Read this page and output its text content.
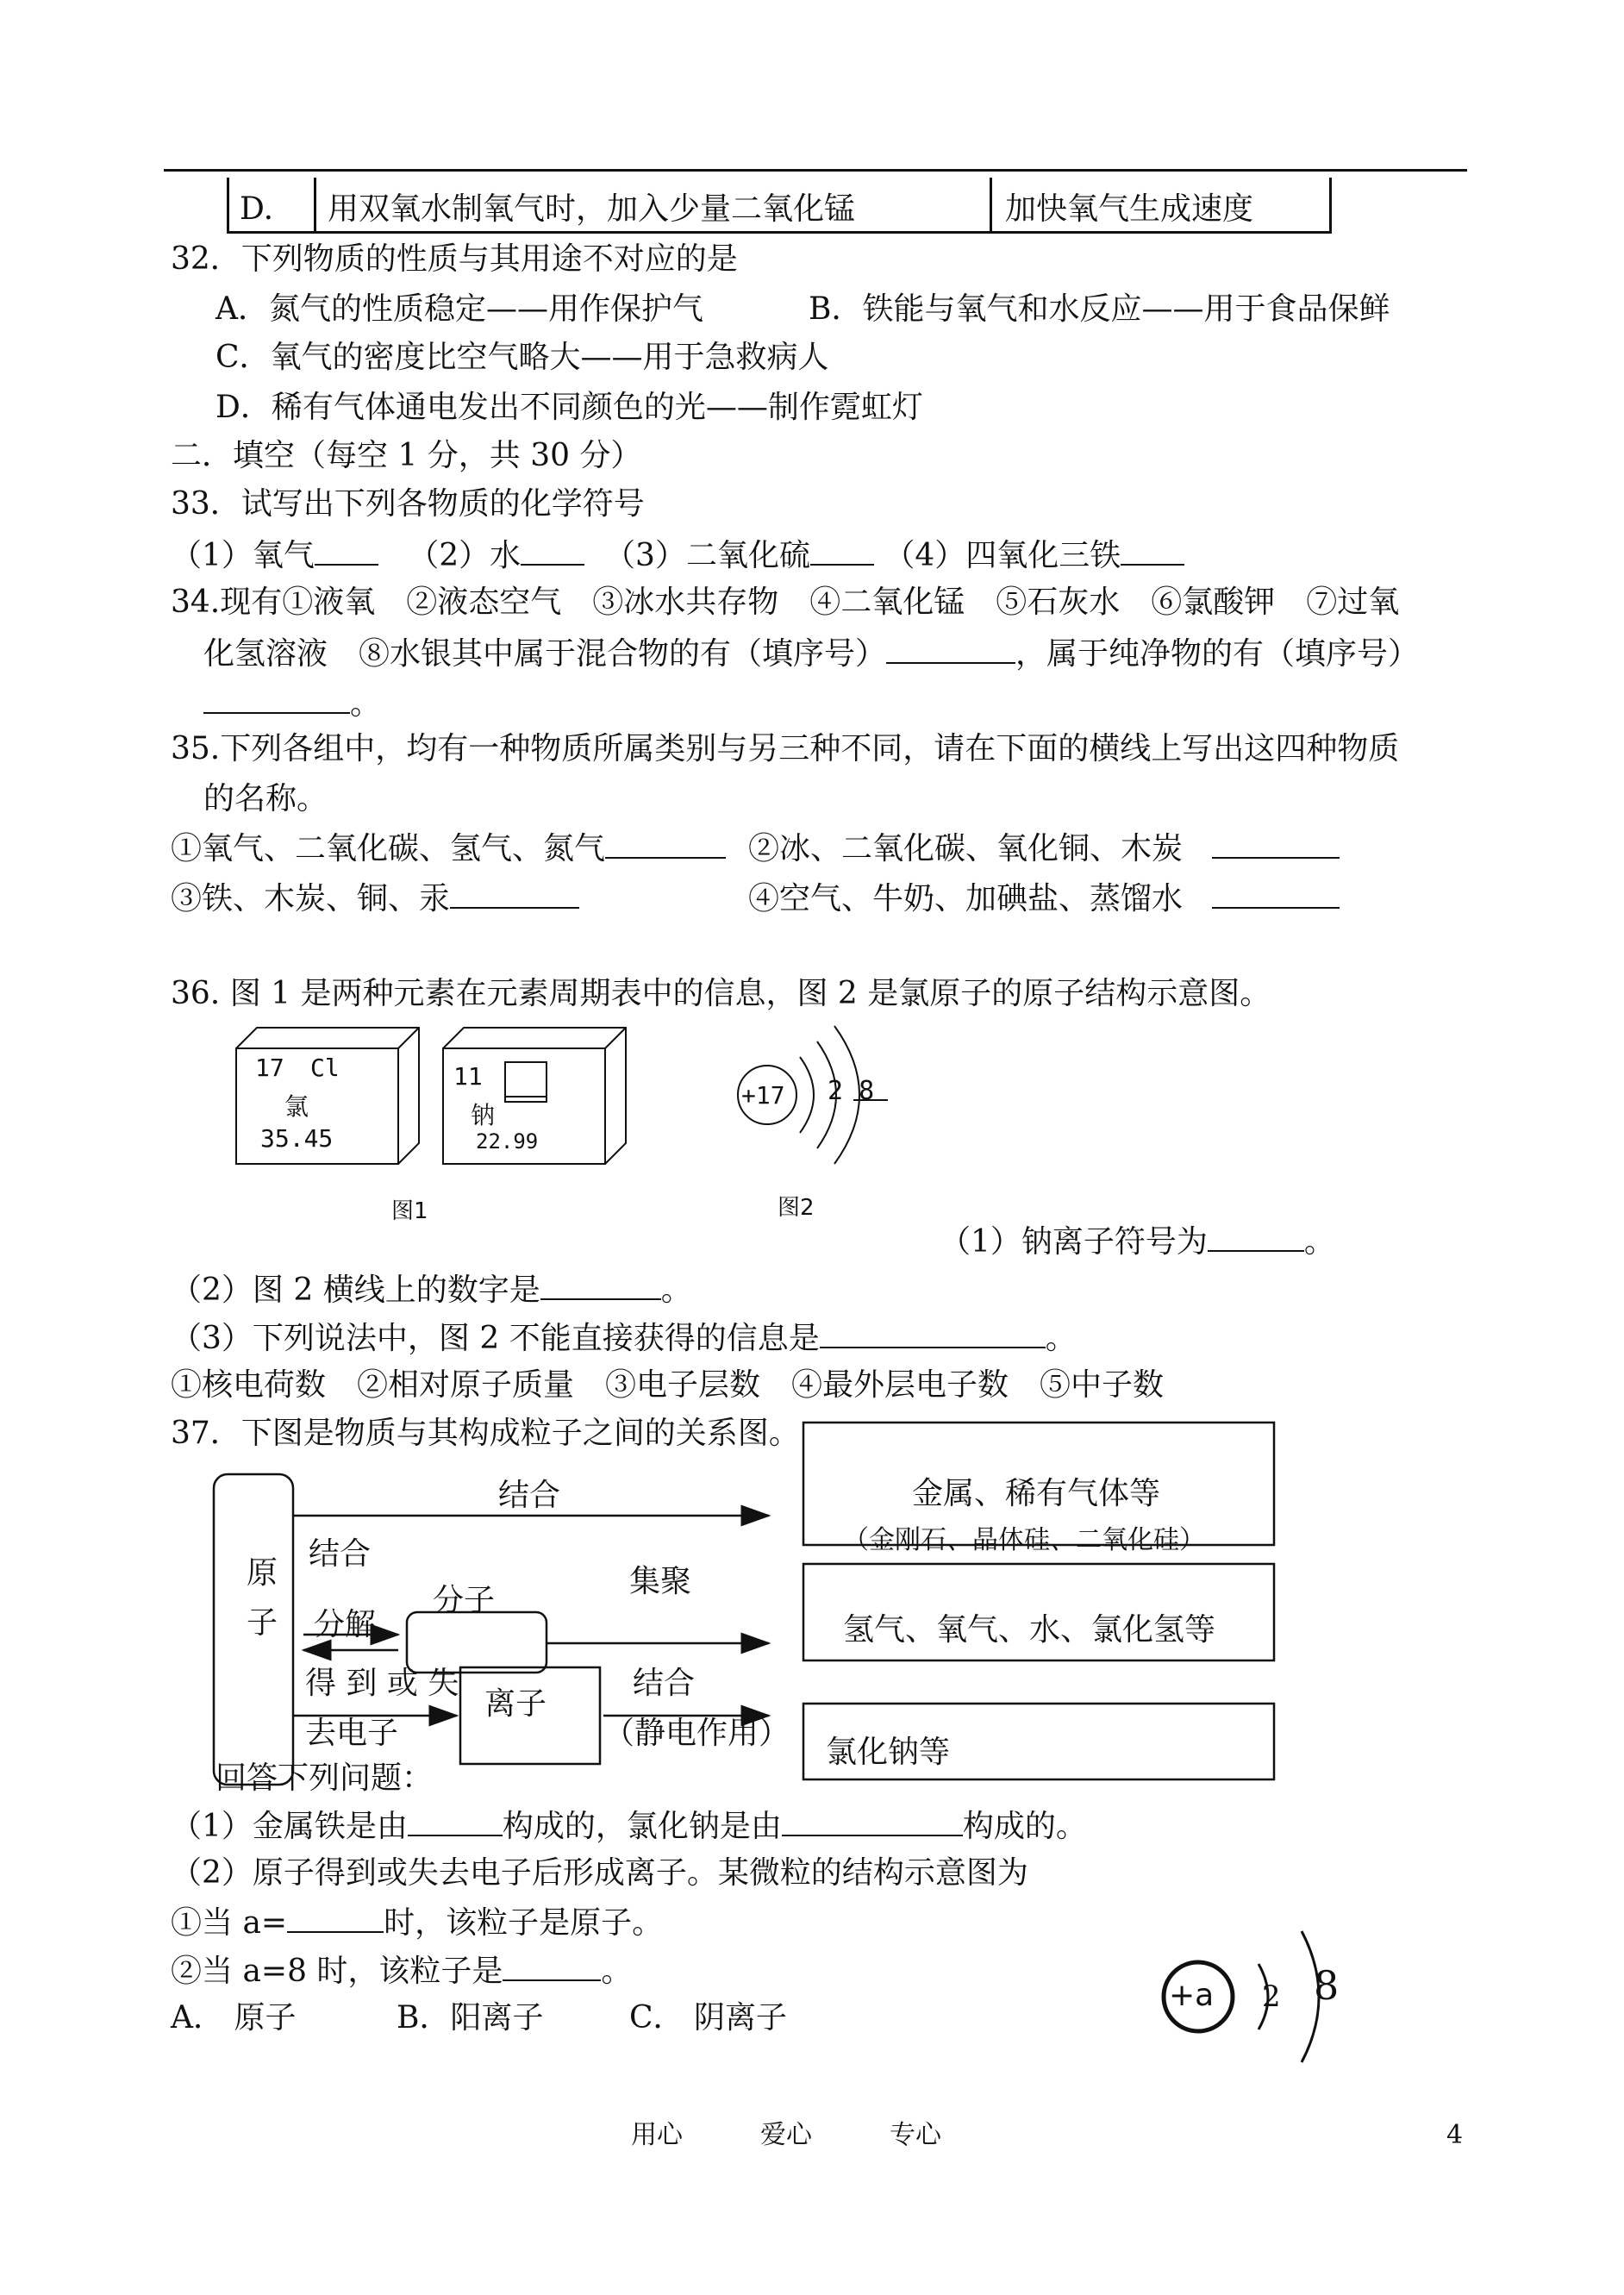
D. 用双氧水制氧气时，加入少量二氧化锰	加快氧气生成速度
32．下列物质的性质与其用途不对应的是
A．氮气的性质稳定——用作保护气	B．铁能与氧气和水反应——用于食品保鲜
C．氧气的密度比空气略大——用于急救病人
D．稀有气体通电发出不同颜色的光——制作霓虹灯
二．填空（每空 1 分，共 30 分）
33．试写出下列各物质的化学符号
（1）氧气	（2）水	（3）二氧化硫 （4）四氧化三铁
34.现有①液氧　②液态空气　③冰水共存物　④二氧化锰　⑤石灰水　⑥氯酸钾　⑦过氧
化氢溶液　⑧水银其中属于混合物的有（填序号）	，属于纯净物的有（填序号）
。
35.下列各组中，均有一种物质所属类别与另三种不同，请在下面的横线上写出这四种物质
的名称。
①氧气、二氧化碳、氢气、氮气	②冰、二氧化碳、氧化铜、木炭
③铁、木炭、铜、汞	④空气、牛奶、加碘盐、蒸馏水
36. 图 1 是两种元素在元素周期表中的信息，图 2 是氯原子的原子结构示意图。
17 Cl
氯
35.45
11
钠
22.99
图1
+17 2 8
图2
（1）钠离子符号为	。
（2）图 2 横线上的数字是	。
（3）下列说法中，图 2 不能直接获得的信息是	。
①核电荷数　②相对原子质量　③电子层数　④最外层电子数　⑤中子数
37．下图是物质与其构成粒子之间的关系图。
原子
结合
结合
分解
分子
集聚
得 到 或 失
去电子
离子
结合
（静电作用）
金属、稀有气体等
（金刚石、晶体硅、二氧化硅）
氢气、氧气、水、氯化氢等
氯化钠等
回答下列问题：
（1）金属铁是由	构成的，氯化钠是由	构成的。
（2）原子得到或失去电子后形成离子。某微粒的结构示意图为
①当 a=	时，该粒子是原子。
②当 a=8 时，该粒子是	。
A． 原子	B．阳离子	C． 阴离子
+a 2 8
用心	爱心	专心	4
